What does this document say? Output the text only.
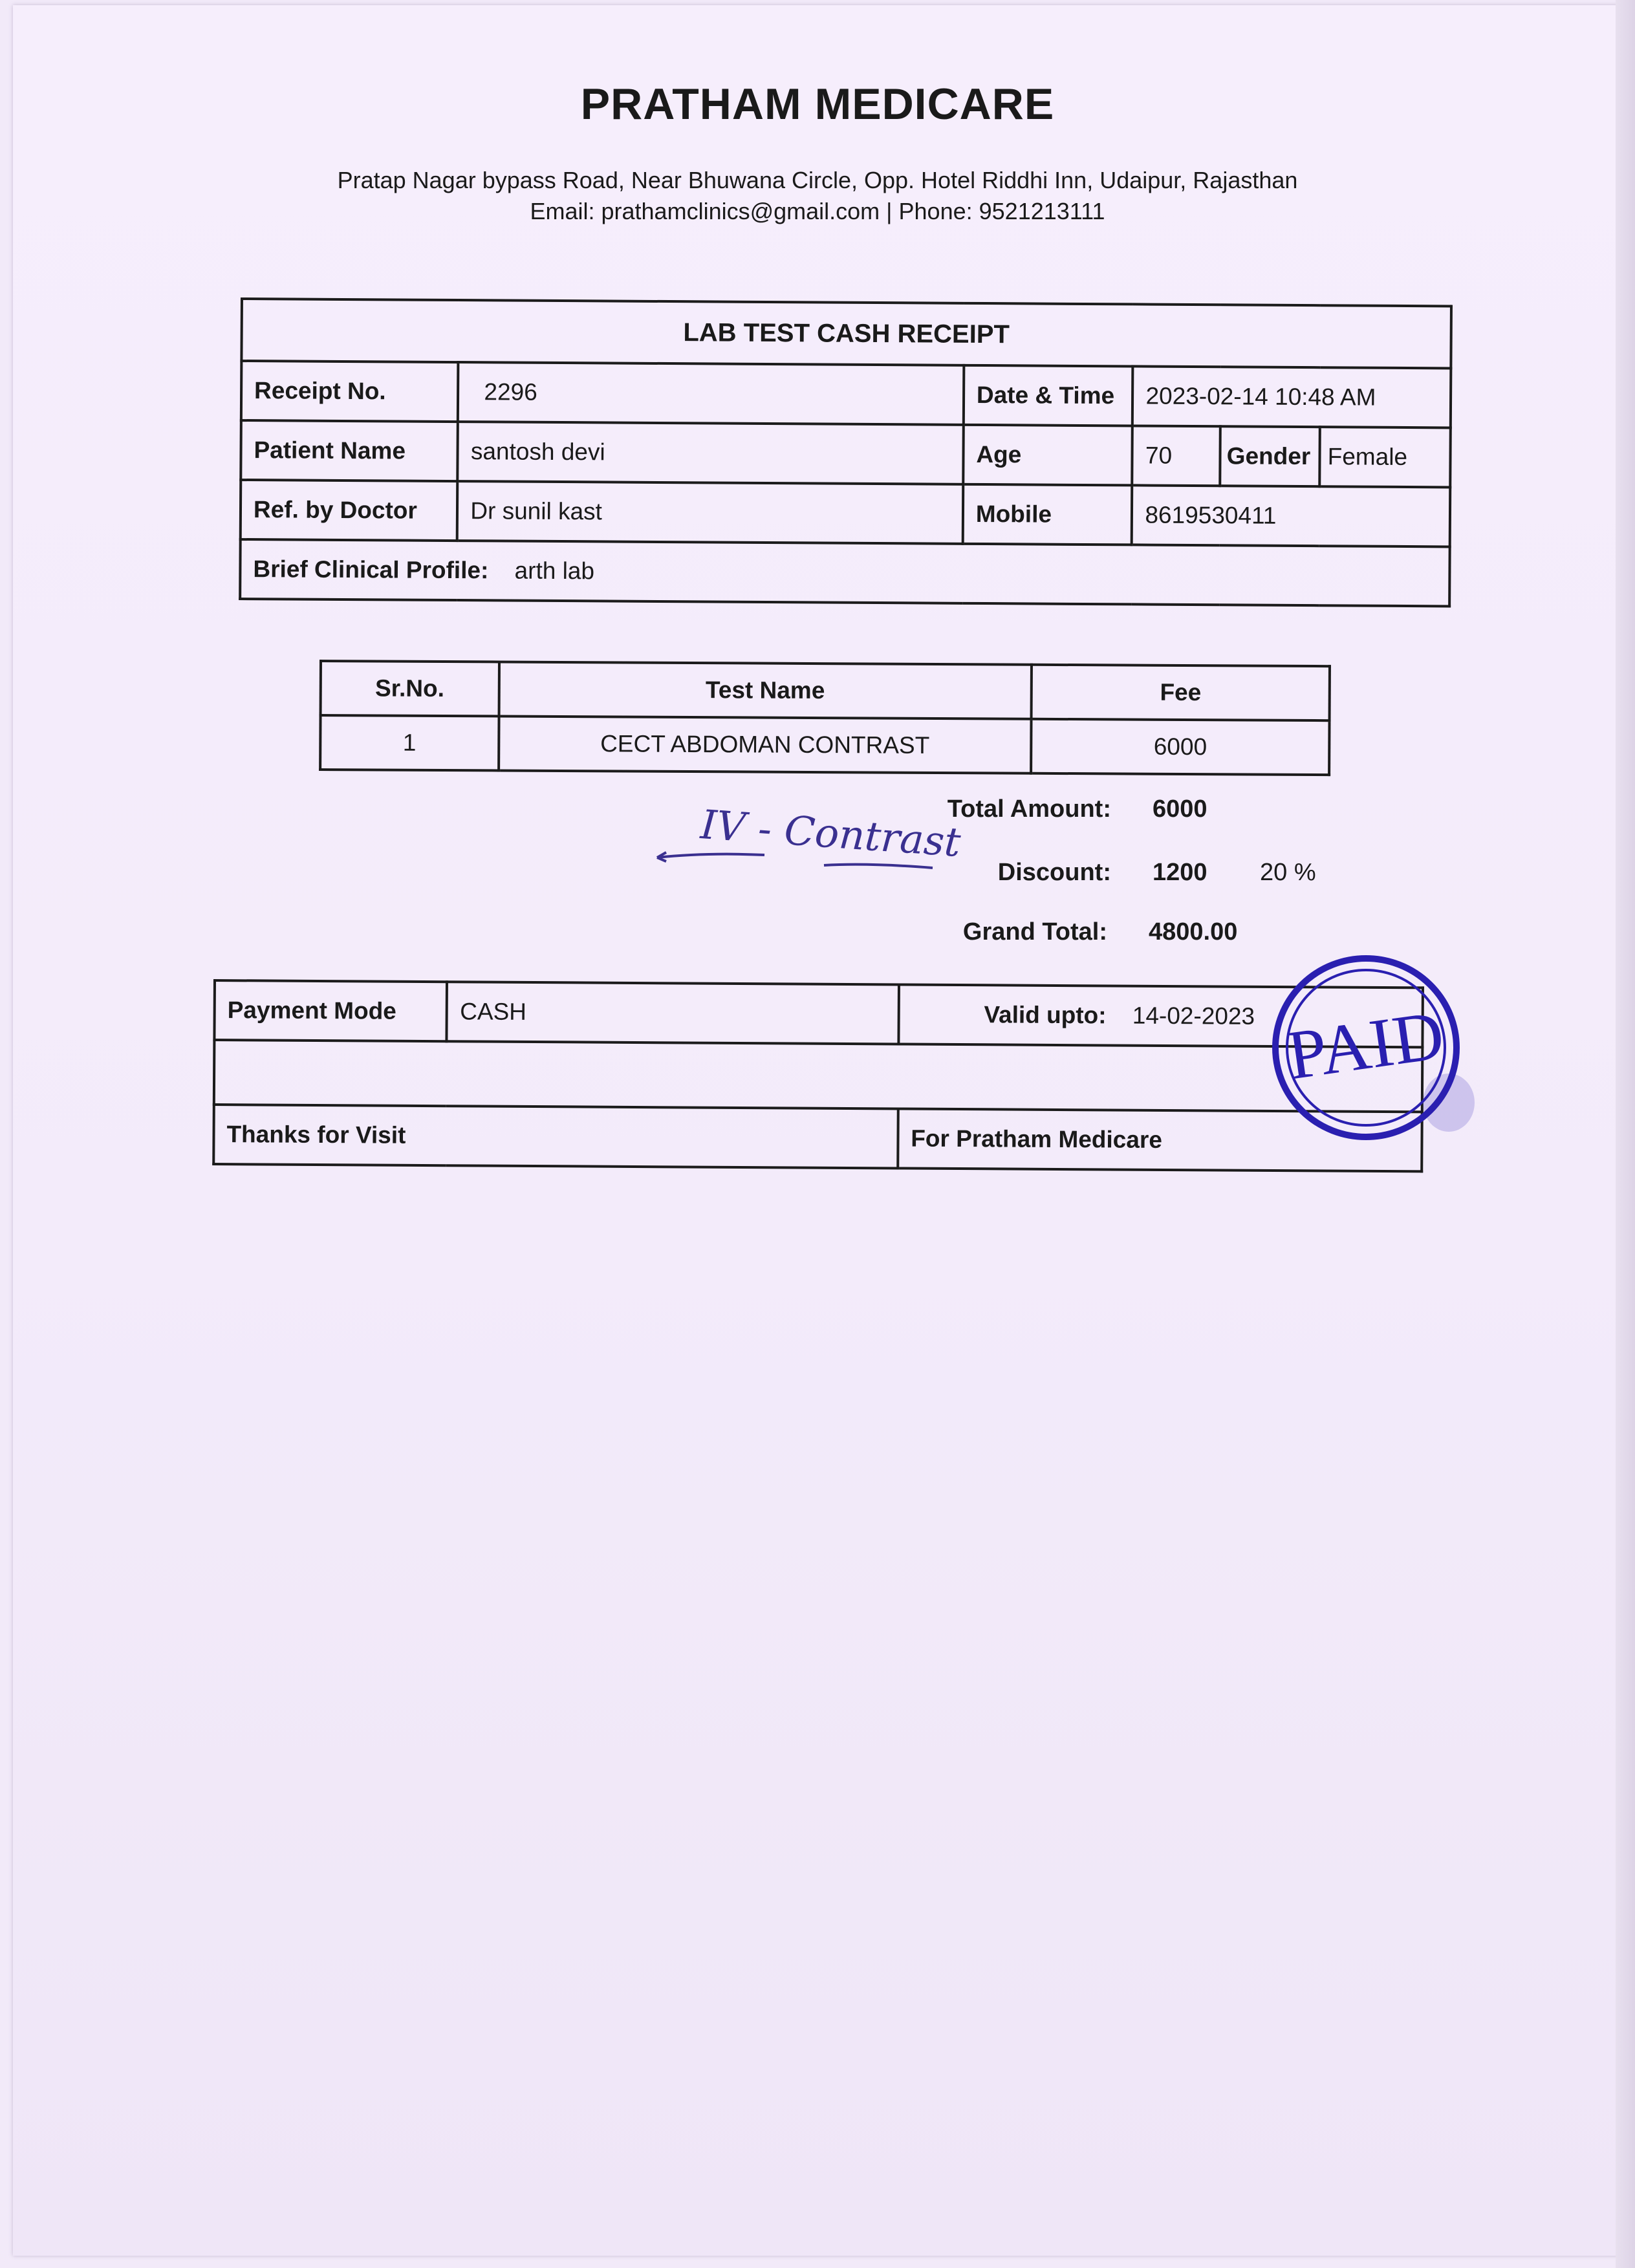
PRATHAM MEDICARE
Pratap Nagar bypass Road, Near Bhuwana Circle, Opp. Hotel Riddhi Inn, Udaipur, Rajasthan
Email: prathamclinics@gmail.com | Phone: 9521213111
LAB TEST CASH RECEIPT					
Receipt No.	2296	Date & Time	2023-02-14 10:48 AM		
Patient Name	santosh devi	Age	70	Gender	Female
Ref. by Doctor	Dr sunil kast	Mobile	8619530411		
Brief Clinical Profile: arth lab					
Sr.No.	Test Name	Fee
1	CECT ABDOMAN CONTRAST	6000
Total Amount: 6000
Discount: 1200 20 %
Grand Total: 4800.00
IV - Contrast
Payment Mode	CASH	Valid upto: 14-02-2023

Thanks for Visit		For Pratham Medicare
PAID
